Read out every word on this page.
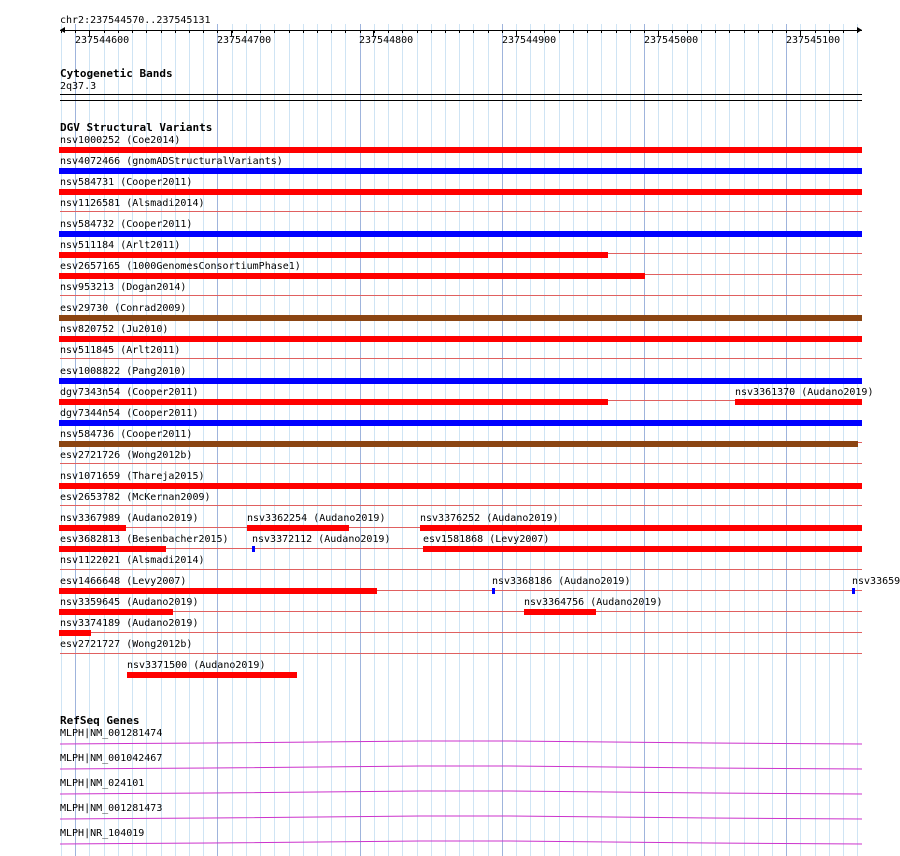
chr2:237544570..237545131
237544600	237544700	237544800	237544900	237545000	237545100
Cytogenetic Bands
2q37.3
DGV Structural Variants
nsv1000252 (Coe2014)
nsv4072466 (gnomADStructuralVariants)
nsv584731 (Cooper2011)
nsv1126581 (Alsmadi2014)
nsv584732 (Cooper2011)
nsv511184 (Arlt2011)
esv2657165 (1000GenomesConsortiumPhase1)
nsv953213 (Dogan2014)
esv29730 (Conrad2009)
nsv820752 (Ju2010)
nsv511845 (Arlt2011)
esv1008822 (Pang2010)
dgv7343n54 (Cooper2011)	nsv3361370 (Audano2019)
dgv7344n54 (Cooper2011)
nsv584736 (Cooper2011)
esv2721726 (Wong2012b)
nsv1071659 (Thareja2015)
esv2653782 (McKernan2009)
nsv3367989 (Audano2019)	nsv3362254 (Audano2019)	nsv3376252 (Audano2019)
esv3682813 (Besenbacher2015) nsv3372112 (Audano2019)	esv1581868 (Levy2007)
nsv1122021 (Alsmadi2014)
esv1466648 (Levy2007)	nsv3368186 (Audano2019)	nsv33659
nsv3359645 (Audano2019)	nsv3364756 (Audano2019)
nsv3374189 (Audano2019)
esv2721727 (Wong2012b)
nsv3371500 (Audano2019)
RefSeq Genes
MLPH|NM_001281474
MLPH|NM_001042467
MLPH|NM_024101
MLPH|NM_001281473
MLPH|NR_104019
